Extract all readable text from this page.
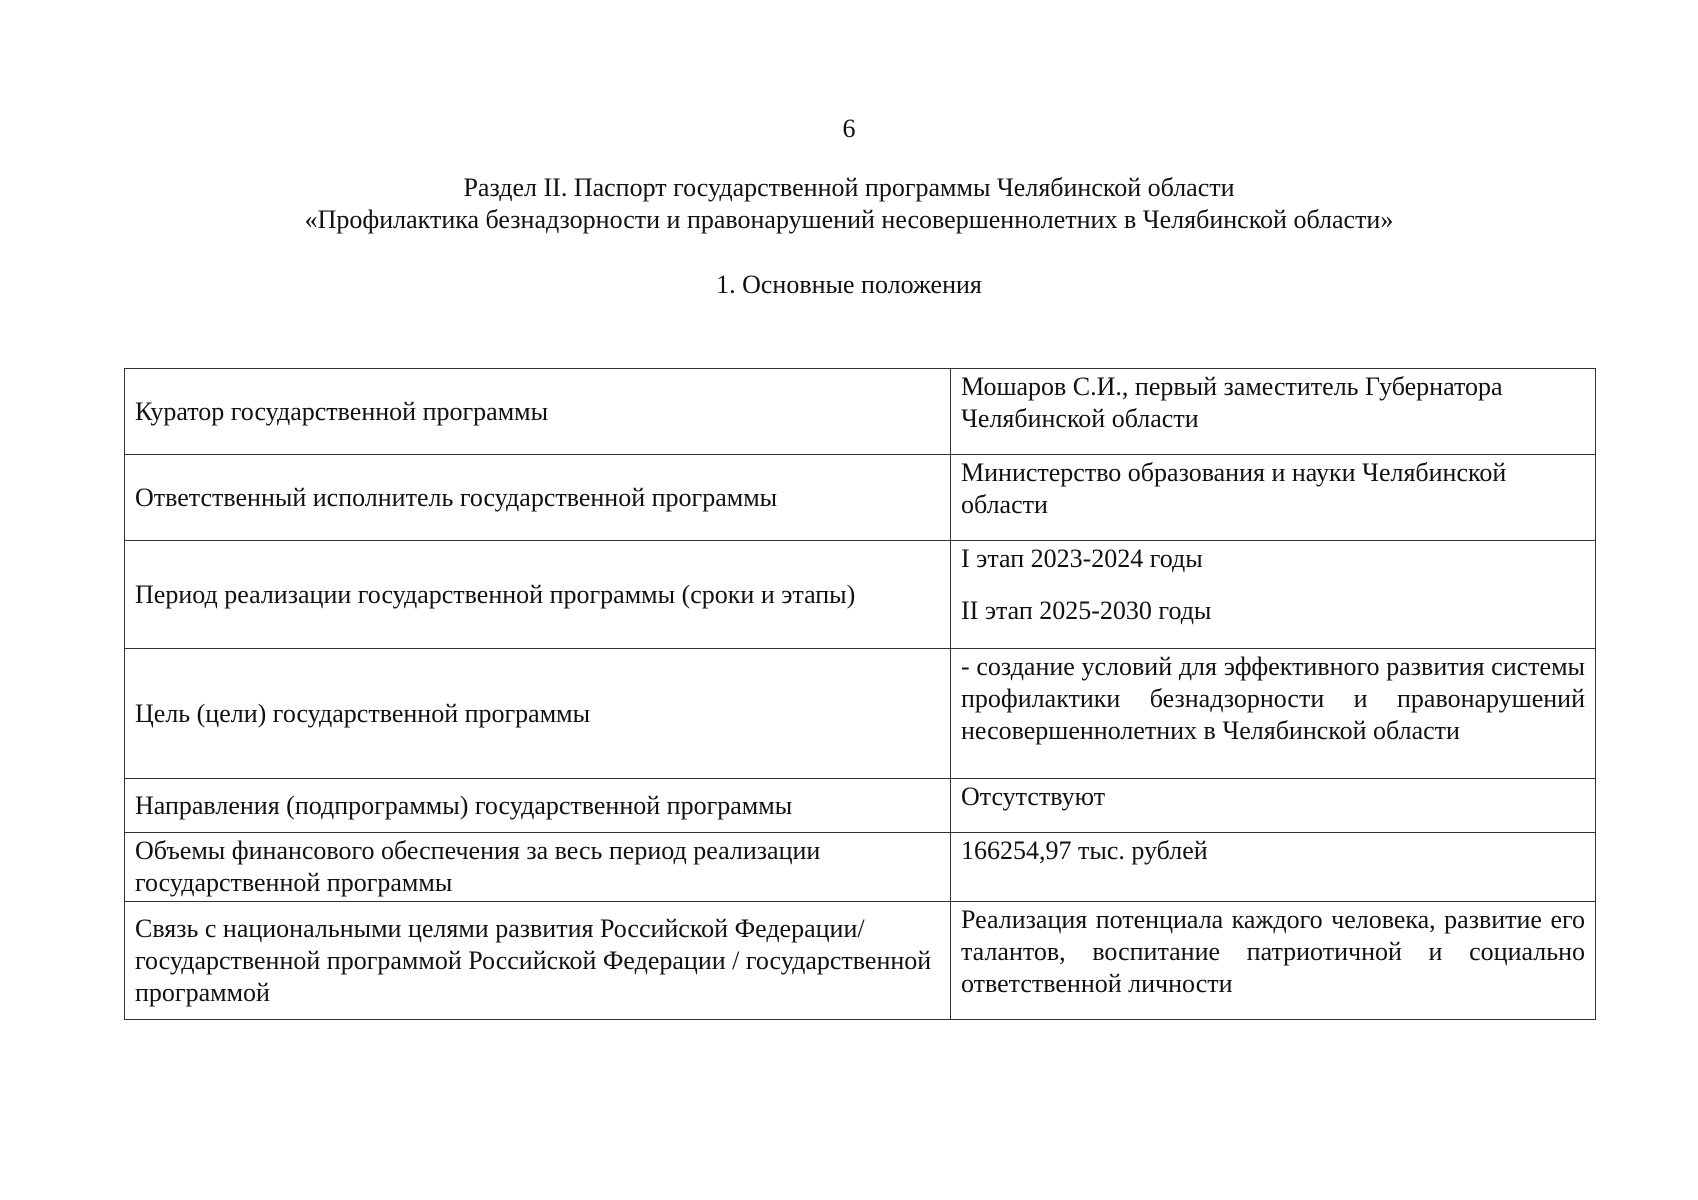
6
Раздел II. Паспорт государственной программы Челябинской области
«Профилактика безнадзорности и правонарушений несовершеннолетних в Челябинской области»
1. Основные положения
Куратор государственной программы	Мошаров С.И., первый заместитель Губернатора Челябинской области
Ответственный исполнитель государственной программы	Министерство образования и науки Челябинской области
Период реализации государственной программы (сроки и этапы)	I этап 2023-2024 годы
II этап 2025-2030 годы

Цель (цели) государственной программы	- создание условий для эффективного развития системы профилактики безнадзорности и правонарушений несовершеннолетних в Челябинской области
Направления (подпрограммы) государственной программы	Отсутствуют
Объемы финансового обеспечения за весь период реализации государственной программы	166254,97 тыс. рублей
Связь с национальными целями развития Российской Федерации/ государственной программой Российской Федерации / государственной программой	Реализация потенциала каждого человека, развитие его талантов, воспитание патриотичной и социально ответственной личности
